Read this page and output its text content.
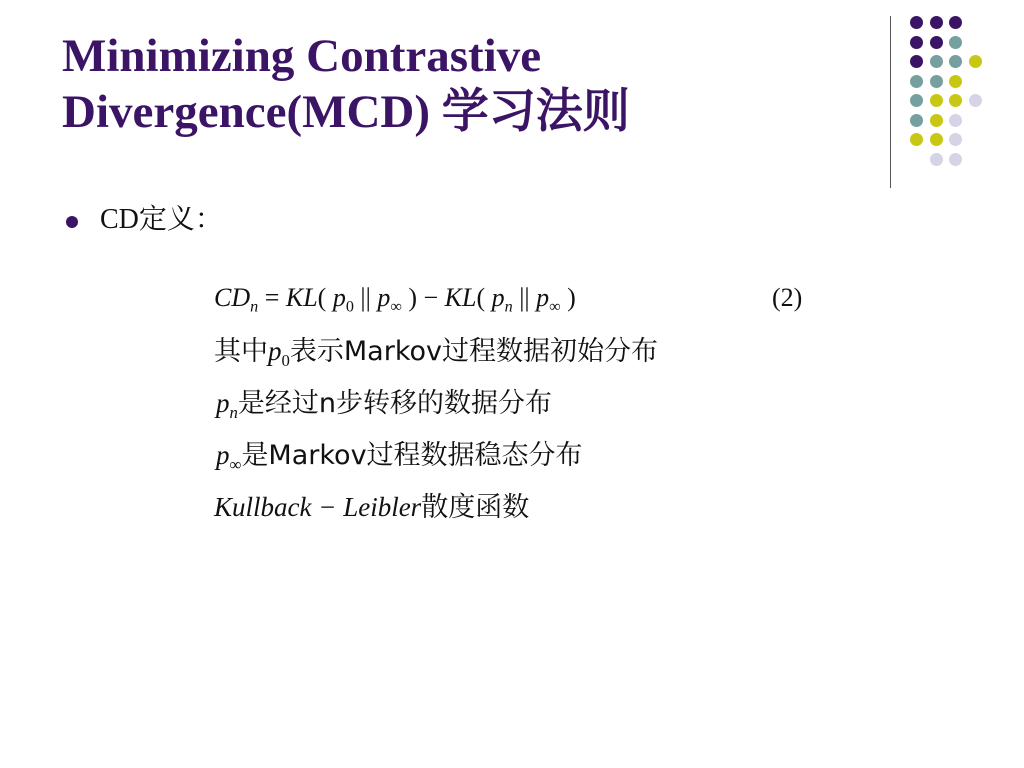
Minimizing Contrastive
Divergence(MCD) 学习法则
CD定义：
$CD_n = KL$( $p_0$ || $p_\infty$ ) − KL( $p_n$ || $p_\infty$ )	(2)
其中$p_0$表示Markov过程数据初始分布
$p_n$是经过n步转移的数据分布
$p_\infty$是Markov过程数据稳态分布
Kullback − Leibler散度函数
